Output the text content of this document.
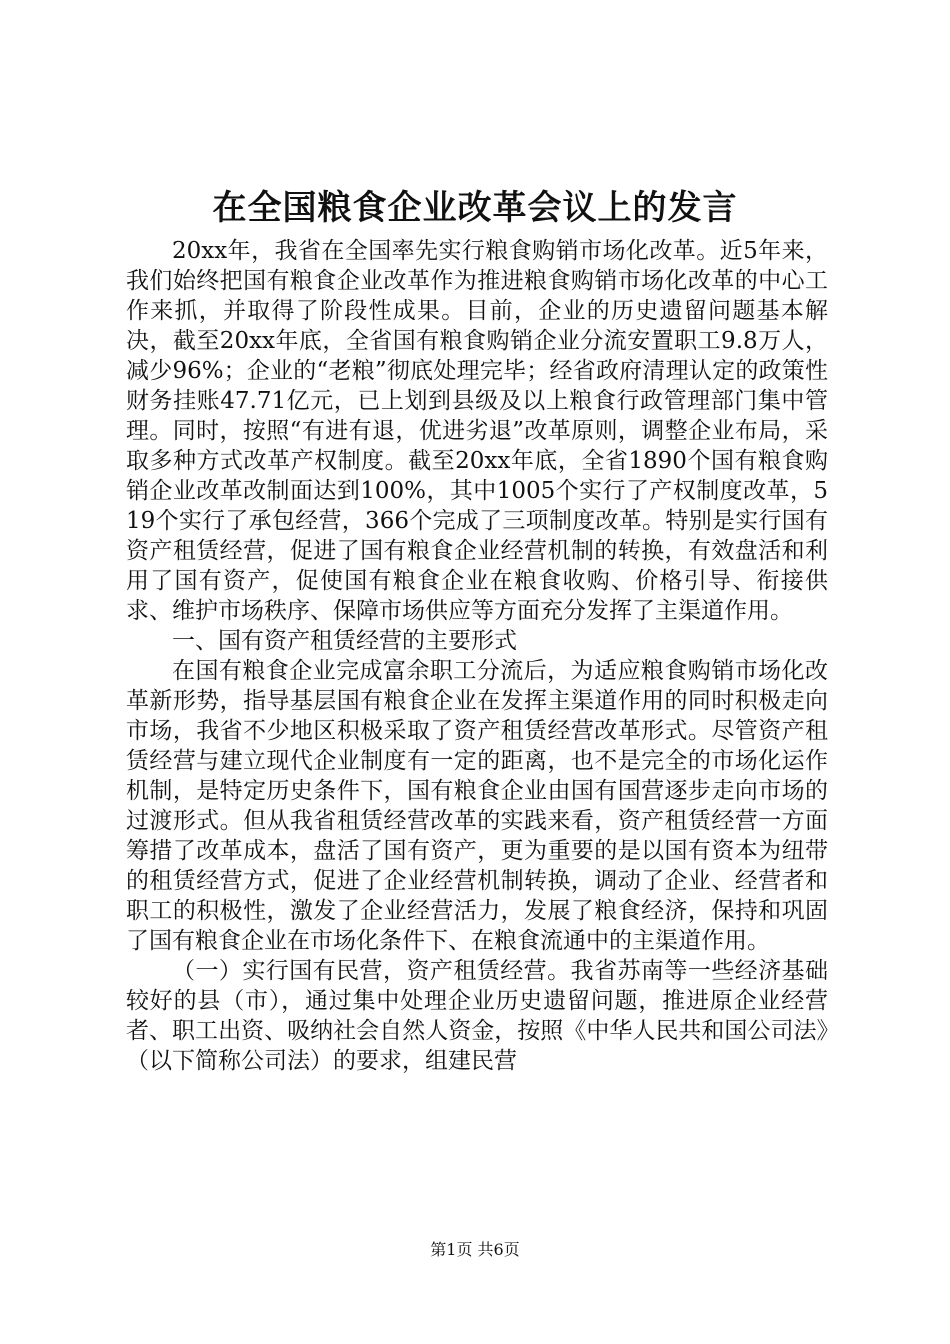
在全国粮食企业改革会议上的发言

20xx年，我省在全国率先实行粮食购销市场化改革。近5年来，我们始终把国有粮食企业改革作为推进粮食购销市场化改革的中心工作来抓，并取得了阶段性成果。目前，企业的历史遗留问题基本解决，截至20xx年底，全省国有粮食购销企业分流安置职工9.8万人，减少96%；企业的“老粮”彻底处理完毕；经省政府清理认定的政策性财务挂账47.71亿元，已上划到县级及以上粮食行政管理部门集中管理。同时，按照“有进有退，优进劣退”改革原则，调整企业布局，采取多种方式改革产权制度。截至20xx年底，全省1890个国有粮食购销企业改革改制面达到100%，其中1005个实行了产权制度改革，519个实行了承包经营，366个完成了三项制度改革。特别是实行国有资产租赁经营，促进了国有粮食企业经营机制的转换，有效盘活和利用了国有资产，促使国有粮食企业在粮食收购、价格引导、衔接供求、维护市场秩序、保障市场供应等方面充分发挥了主渠道作用。

一、国有资产租赁经营的主要形式

在国有粮食企业完成富余职工分流后，为适应粮食购销市场化改革新形势，指导基层国有粮食企业在发挥主渠道作用的同时积极走向市场，我省不少地区积极采取了资产租赁经营改革形式。尽管资产租赁经营与建立现代企业制度有一定的距离，也不是完全的市场化运作机制，是特定历史条件下，国有粮食企业由国有国营逐步走向市场的过渡形式。但从我省租赁经营改革的实践来看，资产租赁经营一方面筹措了改革成本，盘活了国有资产，更为重要的是以国有资本为纽带的租赁经营方式，促进了企业经营机制转换，调动了企业、经营者和职工的积极性，激发了企业经营活力，发展了粮食经济，保持和巩固了国有粮食企业在市场化条件下、在粮食流通中的主渠道作用。

（一）实行国有民营，资产租赁经营。我省苏南等一些经济基础较好的县（市），通过集中处理企业历史遗留问题，推进原企业经营者、职工出资、吸纳社会自然人资金，按照《中华人民共和国公司法》（以下简称公司法）的要求，组建民营

第1页 共6页
